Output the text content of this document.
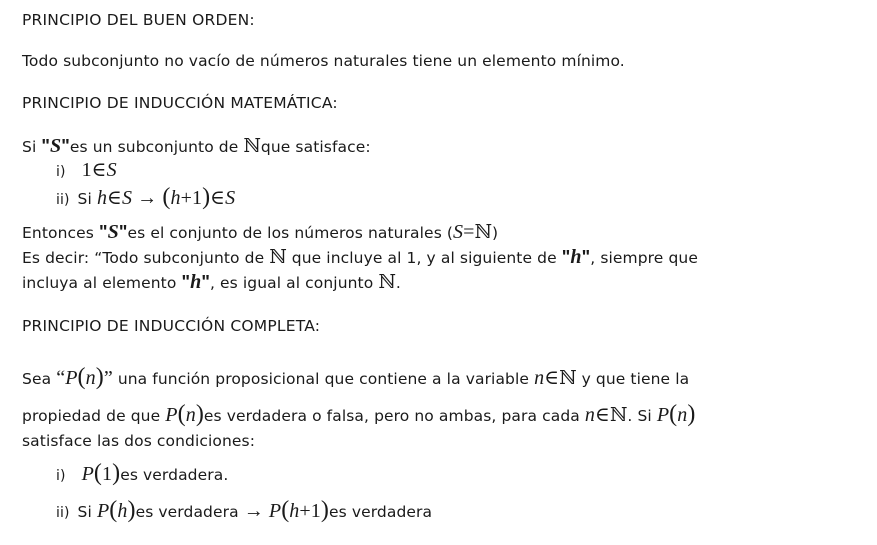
PRINCIPIO DEL BUEN ORDEN:
Todo subconjunto no vacío de números naturales tiene un elemento mínimo.
PRINCIPIO DE INDUCCIÓN MATEMÁTICA:
Si "S"es un subconjunto de ℕque satisface:
i) 1∈S
ii) Si h∈S → (h+1)∈S
Entonces "S"es el conjunto de los números naturales (S=ℕ)
Es decir: “Todo subconjunto de ℕ que incluye al 1, y al siguiente de "h", siempre que
incluya al elemento "h", es igual al conjunto ℕ.
PRINCIPIO DE INDUCCIÓN COMPLETA:
Sea “P(n)” una función proposicional que contiene a la variable n∈ℕ y que tiene la
propiedad de que P(n)es verdadera o falsa, pero no ambas, para cada n∈ℕ. Si P(n)
satisface las dos condiciones:
i) P(1)es verdadera.
ii) Si P(h)es verdadera → P(h+1)es verdadera
